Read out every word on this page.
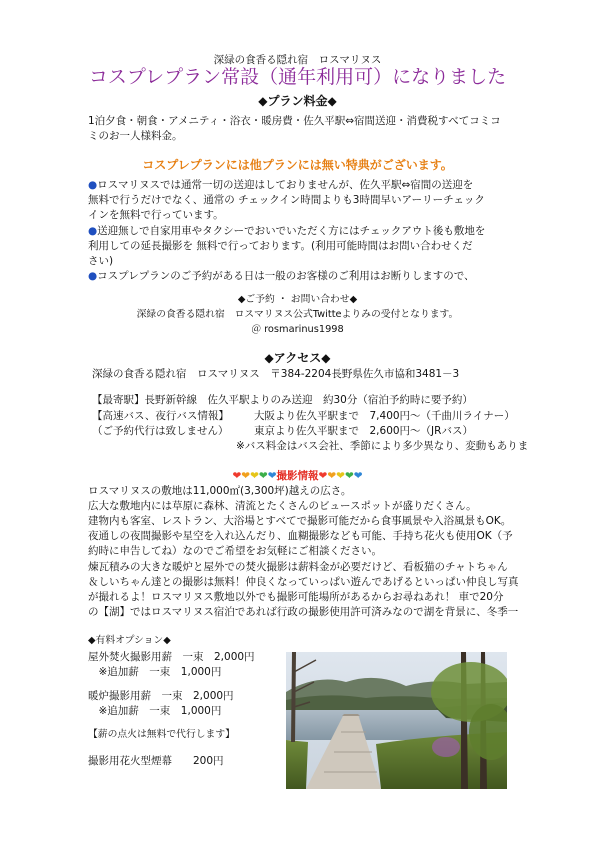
深緑の食香る隠れ宿　ロスマリヌス
コスプレプラン常設（通年利用可）になりました
◆プラン料金◆
1泊夕食・朝食・アメニティ・浴衣・暖房費・佐久平駅⇔宿間送迎・消費税すべてコミコ
ミのお一人様料金。
コスプレプランには他プランには無い特典がございます。
●ロスマリヌスでは通常一切の送迎はしておりませんが、佐久平駅⇔宿間の送迎を
無料で行うだけでなく、通常の チェックイン時間よりも3時間早いアーリーチェック
インを無料で行っています。
●送迎無しで自家用車やタクシーでおいでいただく方にはチェックアウト後も敷地を
利用しての延長撮影を 無料で行っております。(利用可能時間はお問い合わせくだ
さい)
●コスプレプランのご予約がある日は一般のお客様のご利用はお断りしますので、
◆ご予約 ・ お問い合わせ◆
深緑の食香る隠れ宿　ロスマリヌス公式Twitteよりみの受付となります。
＠ rosmarinus1998
◆アクセス◆
深緑の食香る隠れ宿　ロスマリヌス　〒384-2204長野県佐久市協和3481－3
【最寄駅】長野新幹線　佐久平駅よりのみ送迎　約30分（宿泊予約時に要予約）
【高速バス、夜行バス情報】 大阪より佐久平駅まで　7,400円～（千曲川ライナー）
（ご予約代行は致しません） 東京より佐久平駅まで　2,600円～（JRバス）
※バス料金はバス会社、季節により多少異なり、変動もありま
❤❤❤❤❤撮影情報❤❤❤❤❤
ロスマリヌスの敷地は11,000㎡(3,300坪)越えの広さ。
広大な敷地内には草原に森林、清流とたくさんのビュースポットが盛りだくさん。
建物内も客室、レストラン、大浴場とすべてで撮影可能だから食事風景や入浴風景もOK。
夜通しの夜間撮影や星空を入れ込んだり、血糊撮影なども可能、手持ち花火も使用OK（予
約時に申告してね）なのでご希望をお気軽にご相談ください。
煉瓦積みの大きな暖炉と屋外での焚火撮影は薪料金が必要だけど、看板猫のチャトちゃん
＆しいちゃん達との撮影は無料！仲良くなっていっぱい遊んであげるといっぱい仲良し写真
が撮れるよ！ロスマリヌス敷地以外でも撮影可能場所があるからお尋ねあれ！ 車で20分
の【湖】ではロスマリヌス宿泊であれば行政の撮影使用許可済みなので湖を背景に、冬季一
◆有料オプション◆
屋外焚火撮影用薪　一束　2,000円
　※追加薪　一束　1,000円
暖炉撮影用薪　一束　2,000円
　※追加薪　一束　1,000円
【薪の点火は無料で代行します】
撮影用花火型煙幕　　200円
